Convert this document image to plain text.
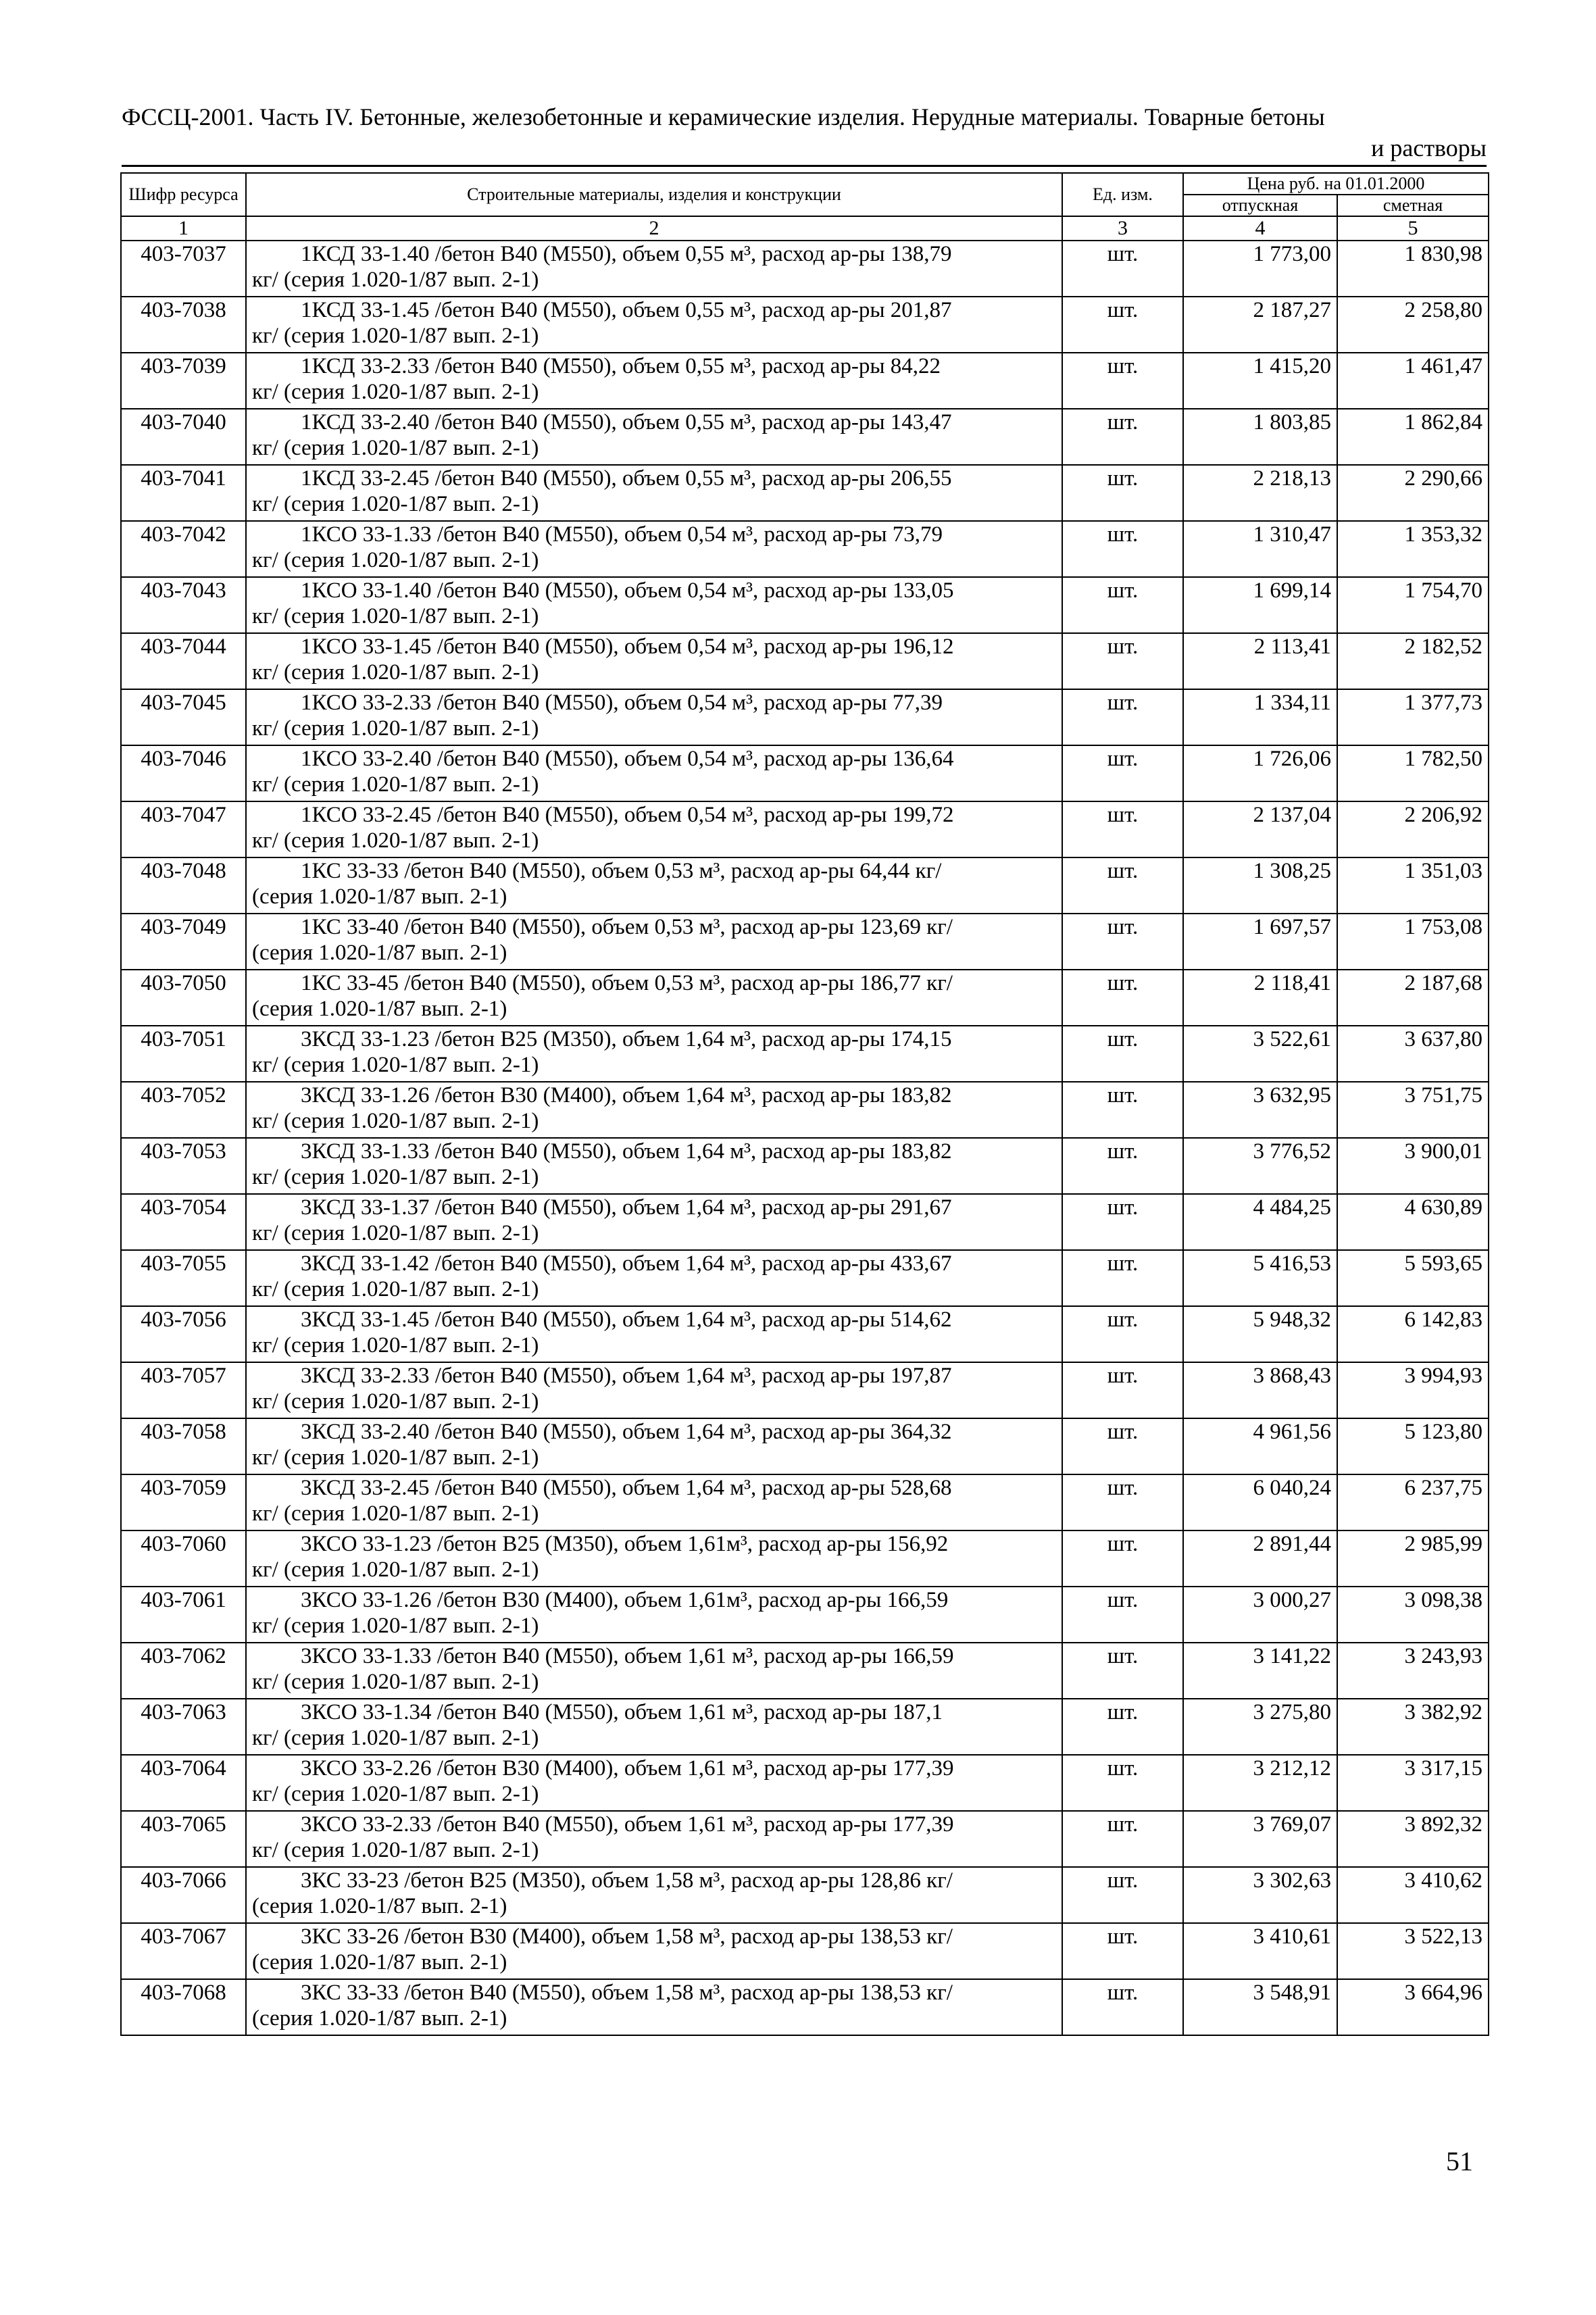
ФССЦ-2001. Часть IV. Бетонные, железобетонные и керамические изделия. Нерудные материалы. Товарные бетоны
и растворы
Шифр ресурса	Строительные материалы, изделия и конструкции	Ед. изм.	Цена руб. на 01.01.2000	
			отпускная	сметная
1	2	3	4	5
403-7037	1КСД 33-1.40 /бетон В40 (М550), объем 0,55 м³, расход ар-ры 138,79
кг/ (серия 1.020-1/87 вып. 2-1)	шт.	1 773,00	1 830,98
403-7038	1КСД 33-1.45 /бетон В40 (М550), объем 0,55 м³, расход ар-ры 201,87
кг/ (серия 1.020-1/87 вып. 2-1)	шт.	2 187,27	2 258,80
403-7039	1КСД 33-2.33 /бетон В40 (М550), объем 0,55 м³, расход ар-ры 84,22
кг/ (серия 1.020-1/87 вып. 2-1)	шт.	1 415,20	1 461,47
403-7040	1КСД 33-2.40 /бетон В40 (М550), объем 0,55 м³, расход ар-ры 143,47
кг/ (серия 1.020-1/87 вып. 2-1)	шт.	1 803,85	1 862,84
403-7041	1КСД 33-2.45 /бетон В40 (М550), объем 0,55 м³, расход ар-ры 206,55
кг/ (серия 1.020-1/87 вып. 2-1)	шт.	2 218,13	2 290,66
403-7042	1КСО 33-1.33 /бетон В40 (М550), объем 0,54 м³, расход ар-ры 73,79
кг/ (серия 1.020-1/87 вып. 2-1)	шт.	1 310,47	1 353,32
403-7043	1КСО 33-1.40 /бетон В40 (М550), объем 0,54 м³, расход ар-ры 133,05
кг/ (серия 1.020-1/87 вып. 2-1)	шт.	1 699,14	1 754,70
403-7044	1КСО 33-1.45 /бетон В40 (М550), объем 0,54 м³, расход ар-ры 196,12
кг/ (серия 1.020-1/87 вып. 2-1)	шт.	2 113,41	2 182,52
403-7045	1КСО 33-2.33 /бетон В40 (М550), объем 0,54 м³, расход ар-ры 77,39
кг/ (серия 1.020-1/87 вып. 2-1)	шт.	1 334,11	1 377,73
403-7046	1КСО 33-2.40 /бетон В40 (М550), объем 0,54 м³, расход ар-ры 136,64
кг/ (серия 1.020-1/87 вып. 2-1)	шт.	1 726,06	1 782,50
403-7047	1КСО 33-2.45 /бетон В40 (М550), объем 0,54 м³, расход ар-ры 199,72
кг/ (серия 1.020-1/87 вып. 2-1)	шт.	2 137,04	2 206,92
403-7048	1КС 33-33 /бетон В40 (М550), объем 0,53 м³, расход ар-ры 64,44 кг/
(серия 1.020-1/87 вып. 2-1)	шт.	1 308,25	1 351,03
403-7049	1КС 33-40 /бетон В40 (М550), объем 0,53 м³, расход ар-ры 123,69 кг/
(серия 1.020-1/87 вып. 2-1)	шт.	1 697,57	1 753,08
403-7050	1КС 33-45 /бетон В40 (М550), объем 0,53 м³, расход ар-ры 186,77 кг/
(серия 1.020-1/87 вып. 2-1)	шт.	2 118,41	2 187,68
403-7051	3КСД 33-1.23 /бетон В25 (М350), объем 1,64 м³, расход ар-ры 174,15
кг/ (серия 1.020-1/87 вып. 2-1)	шт.	3 522,61	3 637,80
403-7052	3КСД 33-1.26 /бетон В30 (М400), объем 1,64 м³, расход ар-ры 183,82
кг/ (серия 1.020-1/87 вып. 2-1)	шт.	3 632,95	3 751,75
403-7053	3КСД 33-1.33 /бетон В40 (М550), объем 1,64 м³, расход ар-ры 183,82
кг/ (серия 1.020-1/87 вып. 2-1)	шт.	3 776,52	3 900,01
403-7054	3КСД 33-1.37 /бетон В40 (М550), объем 1,64 м³, расход ар-ры 291,67
кг/ (серия 1.020-1/87 вып. 2-1)	шт.	4 484,25	4 630,89
403-7055	3КСД 33-1.42 /бетон В40 (М550), объем 1,64 м³, расход ар-ры 433,67
кг/ (серия 1.020-1/87 вып. 2-1)	шт.	5 416,53	5 593,65
403-7056	3КСД 33-1.45 /бетон В40 (М550), объем 1,64 м³, расход ар-ры 514,62
кг/ (серия 1.020-1/87 вып. 2-1)	шт.	5 948,32	6 142,83
403-7057	3КСД 33-2.33 /бетон В40 (М550), объем 1,64 м³, расход ар-ры 197,87
кг/ (серия 1.020-1/87 вып. 2-1)	шт.	3 868,43	3 994,93
403-7058	3КСД 33-2.40 /бетон В40 (М550), объем 1,64 м³, расход ар-ры 364,32
кг/ (серия 1.020-1/87 вып. 2-1)	шт.	4 961,56	5 123,80
403-7059	3КСД 33-2.45 /бетон В40 (М550), объем 1,64 м³, расход ар-ры 528,68
кг/ (серия 1.020-1/87 вып. 2-1)	шт.	6 040,24	6 237,75
403-7060	3КСО 33-1.23 /бетон В25 (М350), объем 1,61м³, расход ар-ры 156,92
кг/ (серия 1.020-1/87 вып. 2-1)	шт.	2 891,44	2 985,99
403-7061	3КСО 33-1.26 /бетон В30 (М400), объем 1,61м³, расход ар-ры 166,59
кг/ (серия 1.020-1/87 вып. 2-1)	шт.	3 000,27	3 098,38
403-7062	3КСО 33-1.33 /бетон В40 (М550), объем 1,61 м³, расход ар-ры 166,59
кг/ (серия 1.020-1/87 вып. 2-1)	шт.	3 141,22	3 243,93
403-7063	3КСО 33-1.34 /бетон В40 (М550), объем 1,61 м³, расход ар-ры 187,1
кг/ (серия 1.020-1/87 вып. 2-1)	шт.	3 275,80	3 382,92
403-7064	3КСО 33-2.26 /бетон В30 (М400), объем 1,61 м³, расход ар-ры 177,39
кг/ (серия 1.020-1/87 вып. 2-1)	шт.	3 212,12	3 317,15
403-7065	3КСО 33-2.33 /бетон В40 (М550), объем 1,61 м³, расход ар-ры 177,39
кг/ (серия 1.020-1/87 вып. 2-1)	шт.	3 769,07	3 892,32
403-7066	3КС 33-23 /бетон В25 (М350), объем 1,58 м³, расход ар-ры 128,86 кг/
(серия 1.020-1/87 вып. 2-1)	шт.	3 302,63	3 410,62
403-7067	3КС 33-26 /бетон В30 (М400), объем 1,58 м³, расход ар-ры 138,53 кг/
(серия 1.020-1/87 вып. 2-1)	шт.	3 410,61	3 522,13
403-7068	3КС 33-33 /бетон В40 (М550), объем 1,58 м³, расход ар-ры 138,53 кг/
(серия 1.020-1/87 вып. 2-1)	шт.	3 548,91	3 664,96
51
